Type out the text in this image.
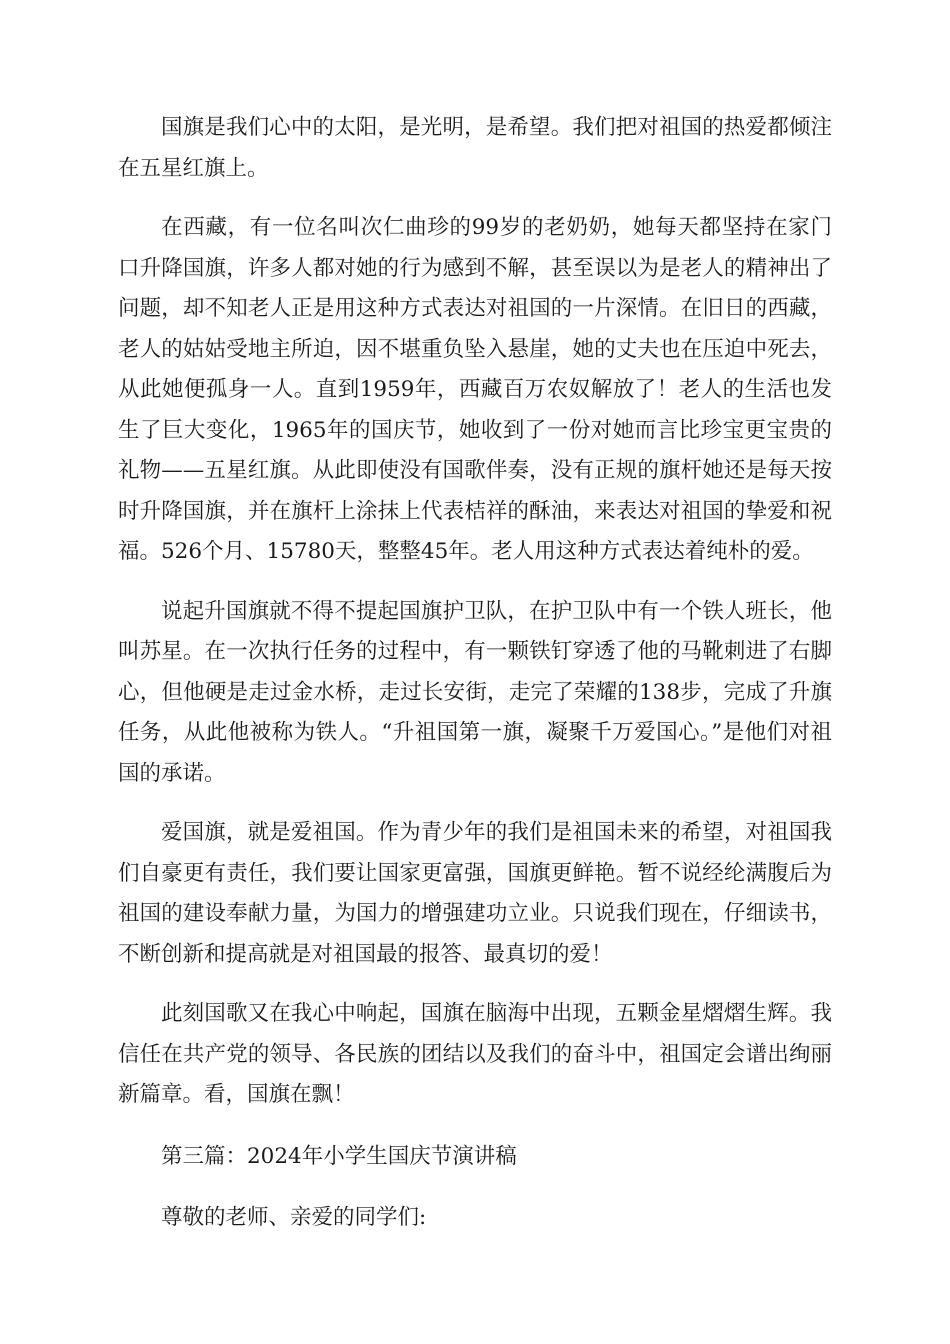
国旗是我们心中的太阳，是光明，是希望。我们把对祖国的热爱都倾注在五星红旗上。

在西藏，有一位名叫次仁曲珍的99岁的老奶奶，她每天都坚持在家门口升降国旗，许多人都对她的行为感到不解，甚至误以为是老人的精神出了问题，却不知老人正是用这种方式表达对祖国的一片深情。在旧日的西藏，老人的姑姑受地主所迫，因不堪重负坠入悬崖，她的丈夫也在压迫中死去，从此她便孤身一人。直到1959年，西藏百万农奴解放了！老人的生活也发生了巨大变化，1965年的国庆节，她收到了一份对她而言比珍宝更宝贵的礼物——五星红旗。从此即使没有国歌伴奏，没有正规的旗杆她还是每天按时升降国旗，并在旗杆上涂抹上代表桔祥的酥油，来表达对祖国的挚爱和祝福。526个月、15780天，整整45年。老人用这种方式表达着纯朴的爱。

说起升国旗就不得不提起国旗护卫队，在护卫队中有一个铁人班长，他叫苏星。在一次执行任务的过程中，有一颗铁钉穿透了他的马靴刺进了右脚心，但他硬是走过金水桥，走过长安街，走完了荣耀的138步，完成了升旗任务，从此他被称为铁人。“升祖国第一旗，凝聚千万爱国心。”是他们对祖国的承诺。

爱国旗，就是爱祖国。作为青少年的我们是祖国未来的希望，对祖国我们自豪更有责任，我们要让国家更富强，国旗更鲜艳。暂不说经纶满腹后为祖国的建设奉献力量，为国力的增强建功立业。只说我们现在，仔细读书，不断创新和提高就是对祖国最的报答、最真切的爱！

此刻国歌又在我心中响起，国旗在脑海中出现，五颗金星熠熠生辉。我信任在共产党的领导、各民族的团结以及我们的奋斗中，祖国定会谱出绚丽新篇章。看，国旗在飘！

第三篇：2024年小学生国庆节演讲稿

尊敬的老师、亲爱的同学们:
